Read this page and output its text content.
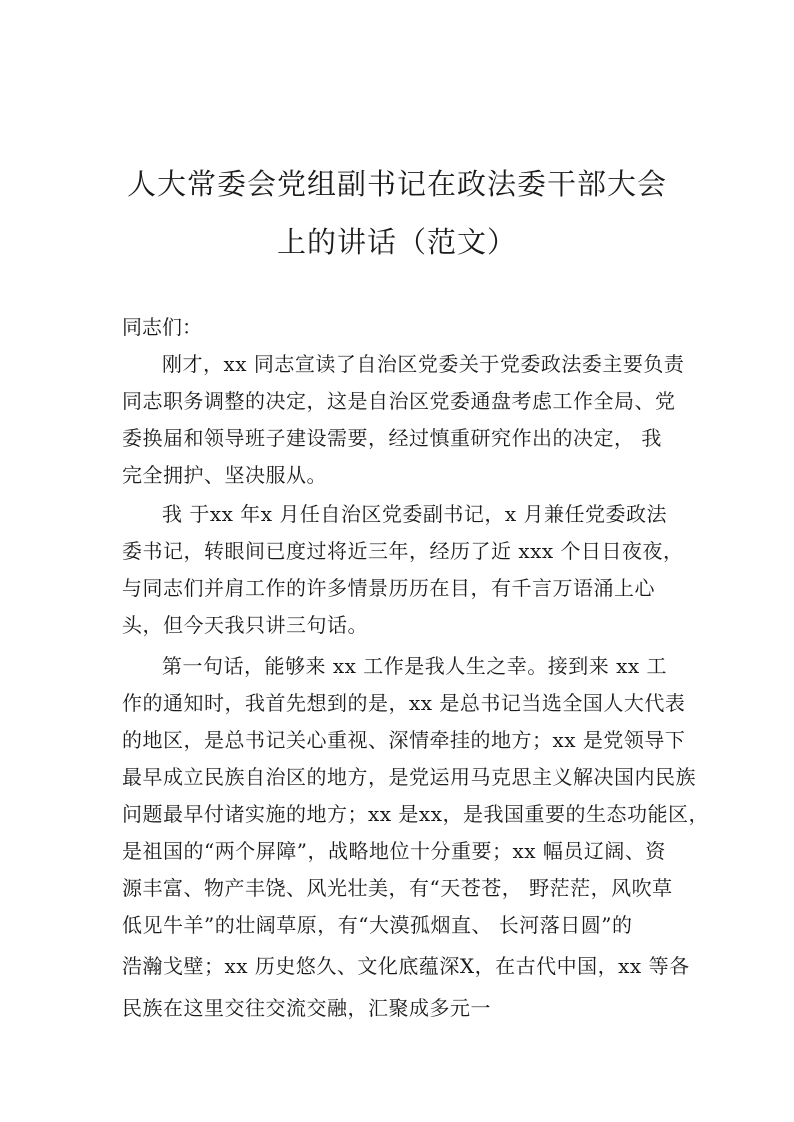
人大常委会党组副书记在政法委干部大会
上的讲话（范文）
同志们：
刚才，xx 同志宣读了自治区党委关于党委政法委主要负责
同志职务调整的决定，这是自治区党委通盘考虑工作全局、党
委换届和领导班子建设需要，经过慎重研究作出的决定， 我
完全拥护、坚决服从。
我 于xx 年x 月任自治区党委副书记，x 月兼任党委政法
委书记，转眼间已度过将近三年，经历了近 xxx 个日日夜夜，
与同志们并肩工作的许多情景历历在目，有千言万语涌上心
头，但今天我只讲三句话。
第一句话，能够来 xx 工作是我人生之幸。接到来 xx 工
作的通知时，我首先想到的是，xx 是总书记当选全国人大代表
的地区，是总书记关心重视、深情牵挂的地方；xx 是党领导下
最早成立民族自治区的地方，是党运用马克思主义解决国内民族
问题最早付诸实施的地方；xx 是xx，是我国重要的生态功能区，
是祖国的“两个屏障”，战略地位十分重要；xx 幅员辽阔、资
源丰富、物产丰饶、风光壮美，有“天苍苍， 野茫茫，风吹草
低见牛羊”的壮阔草原，有“大漠孤烟直、 长河落日圆”的
浩瀚戈壁；xx 历史悠久、文化底蕴深X，在古代中国，xx 等各
民族在这里交往交流交融，汇聚成多元一
